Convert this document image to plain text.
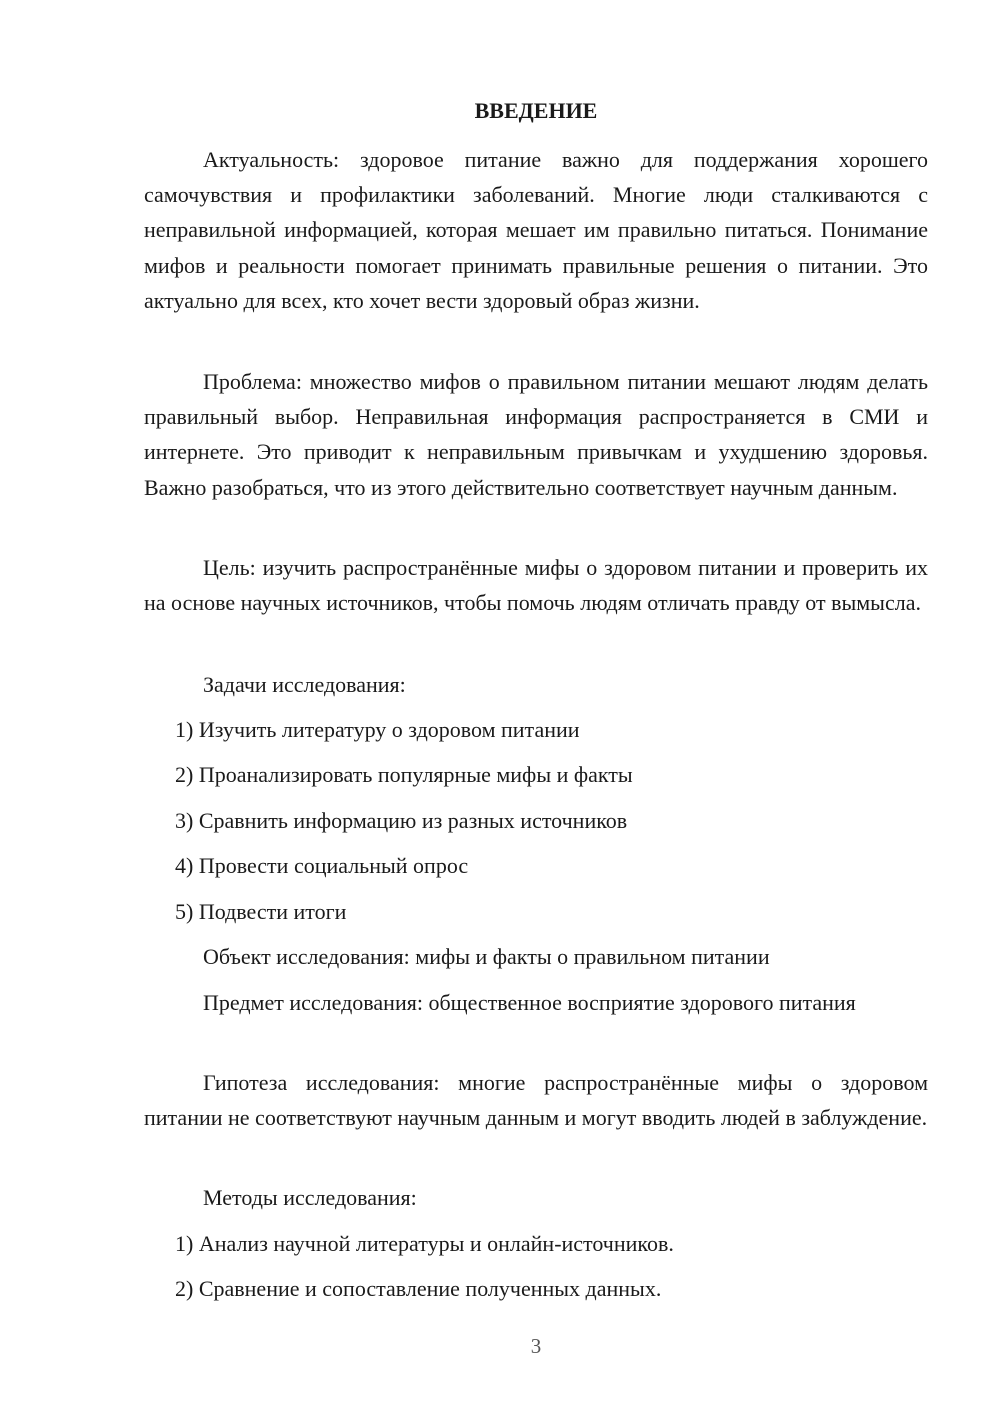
ВВЕДЕНИЕ

Актуальность: здоровое питание важно для поддержания хорошего самочувствия и профилактики заболеваний. Многие люди сталкиваются с неправильной информацией, которая мешает им правильно питаться. Понимание мифов и реальности помогает принимать правильные решения о питании. Это актуально для всех, кто хочет вести здоровый образ жизни.

Проблема: множество мифов о правильном питании мешают людям делать правильный выбор. Неправильная информация распространяется в СМИ и интернете. Это приводит к неправильным привычкам и ухудшению здоровья. Важно разобраться, что из этого действительно соответствует научным данным.

Цель: изучить распространённые мифы о здоровом питании и проверить их на основе научных источников, чтобы помочь людям отличать правду от вымысла.

Задачи исследования:
1) Изучить литературу о здоровом питании
2) Проанализировать популярные мифы и факты
3) Сравнить информацию из разных источников
4) Провести социальный опрос
5) Подвести итоги
Объект исследования: мифы и факты о правильном питании

Предмет исследования: общественное восприятие здорового питания

Гипотеза исследования: многие распространённые мифы о здоровом питании не соответствуют научным данным и могут вводить людей в заблуждение.

Методы исследования:
1) Анализ научной литературы и онлайн-источников.
2) Сравнение и сопоставление полученных данных.
3
